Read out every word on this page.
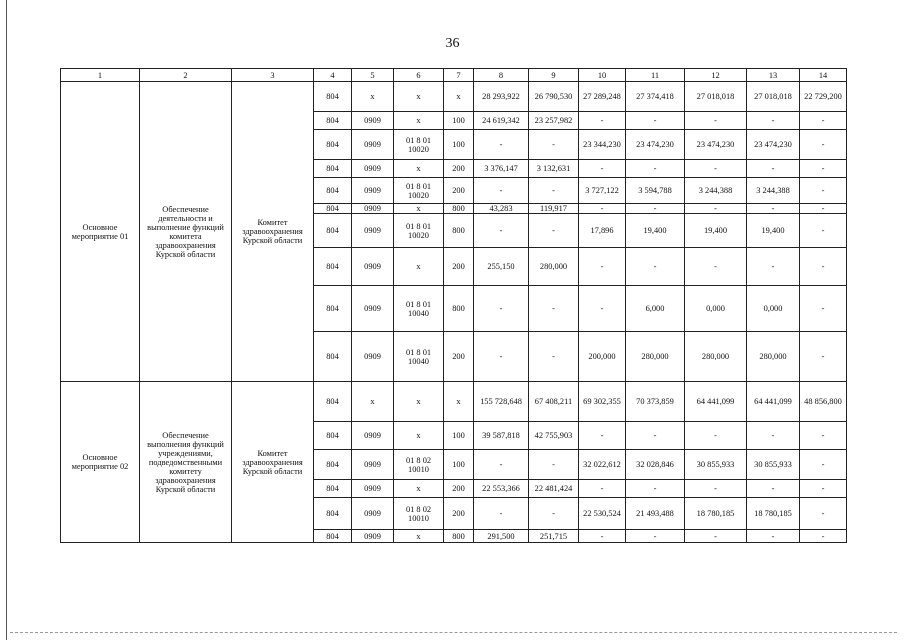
36
1	2	3	4	5	6	7	8	9	10	11	12	13	14
Основное мероприятие 01	Обеспечение деятельности и выполнение функций комитета здравоохранения Курской области	Комитет здравоохранения Курской области	804	х	х	х	28 293,922	26 790,530	27 289,248	27 374,418	27 018,018	27 018,018	22 729,200
			804	0909	х	100	24 619,342	23 257,982	-	-	-	-	-
			804	0909	01 8 01 10020	100	-	-	23 344,230	23 474,230	23 474,230	23 474,230	-
			804	0909	х	200	3 376,147	3 132,631	-	-	-	-	-
			804	0909	01 8 01 10020	200	-	-	3 727,122	3 594,788	3 244,388	3 244,388	-
			804	0909	х	800	43,283	119,917	-	-	-	-	-
			804	0909	01 8 01 10020	800	-	-	17,896	19,400	19,400	19,400	-
			804	0909	х	200	255,150	280,000	-	-	-	-	-
			804	0909	01 8 01 10040	800	-	-	-	6,000	0,000	0,000	-
			804	0909	01 8 01 10040	200	-	-	200,000	280,000	280,000	280,000	-
Основное мероприятие 02	Обеспечение выполнения функций учреждениями, подведомственными комитету здравоохранения Курской области	Комитет здравоохранения Курской области	804	х	х	х	155 728,648	67 408,211	69 302,355	70 373,859	64 441,099	64 441,099	48 856,800
			804	0909	х	100	39 587,818	42 755,903	-	-	-	-	-
			804	0909	01 8 02 10010	100	-	-	32 022,612	32 028,846	30 855,933	30 855,933	-
			804	0909	х	200	22 553,366	22 481,424	-	-	-	-	-
			804	0909	01 8 02 10010	200	-	-	22 530,524	21 493,488	18 780,185	18 780,185	-
			804	0909	х	800	291,500	251,715	-	-	-	-	-
